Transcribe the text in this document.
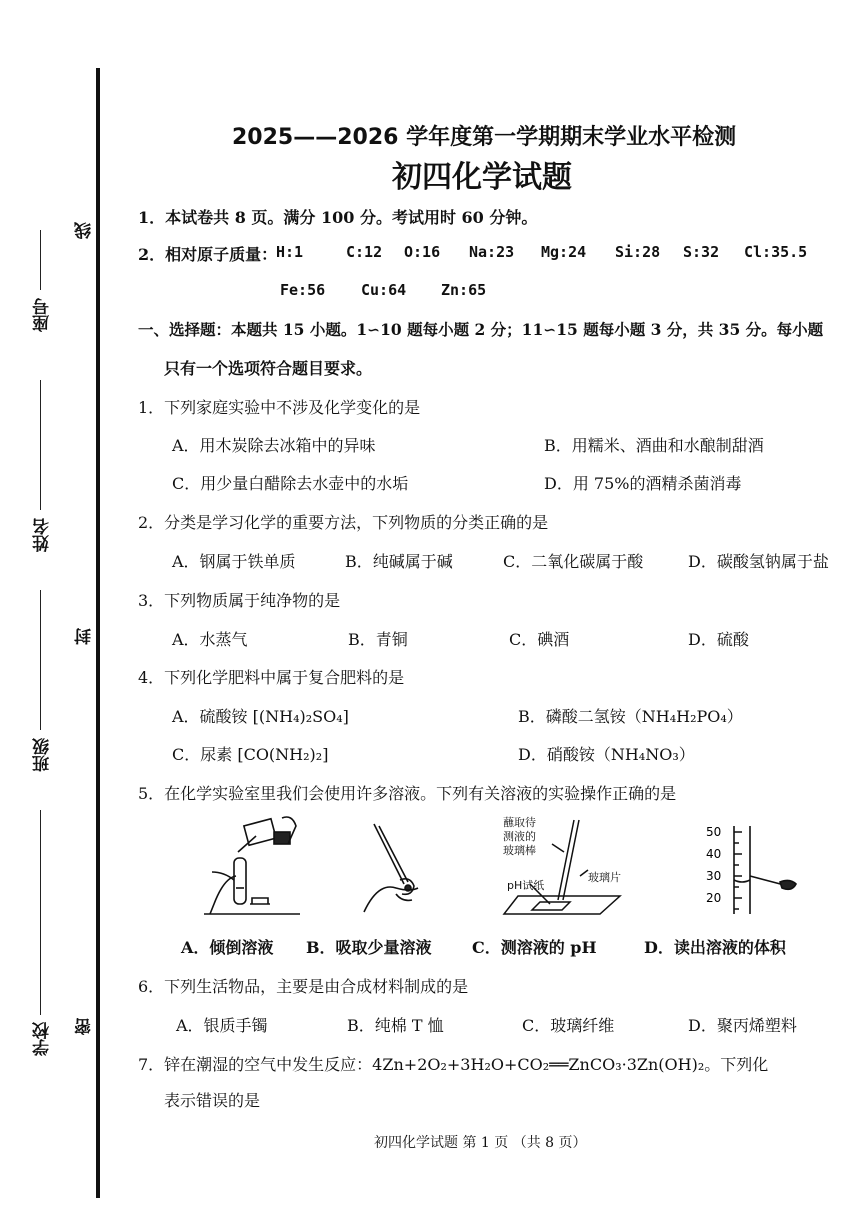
线
座号
姓名
封
班级
学校 密
2025——2026 学年度第一学期期末学业水平检测
初四化学试题
1．本试卷共 8 页。满分 100 分。考试用时 60 分钟。
2．相对原子质量：
H:1	C:12 O:16 Na:23 Mg:24 Si:28 S:32 Cl:35.5
Fe:56 Cu:64 Zn:65
一、选择题：本题共 15 小题。1∽10 题每小题 2 分；11∽15 题每小题 3 分，共 35 分。每小题
只有一个选项符合题目要求。
1．下列家庭实验中不涉及化学变化的是
A．用木炭除去冰箱中的异味	B．用糯米、酒曲和水酿制甜酒
C．用少量白醋除去水壶中的水垢	D．用 75%的酒精杀菌消毒
2．分类是学习化学的重要方法，下列物质的分类正确的是
A．钢属于铁单质	B．纯碱属于碱	C．二氧化碳属于酸	D．碳酸氢钠属于盐
3．下列物质属于纯净物的是
A．水蒸气	B．青铜	C．碘酒	D．硫酸
4．下列化学肥料中属于复合肥料的是
A．硫酸铵 [(NH₄)₂SO₄]	B．磷酸二氢铵（NH₄H₂PO₄）
C．尿素 [CO(NH₂)₂]	D．硝酸铵（NH₄NO₃）
5．在化学实验室里我们会使用许多溶液。下列有关溶液的实验操作正确的是
蘸取待
测液的
玻璃棒
pH试纸
玻璃片
50
40
30
20
A．倾倒溶液 B．吸取少量溶液	C．测溶液的 pH	D．读出溶液的体积
6．下列生活物品，主要是由合成材料制成的是
A．银质手镯	B．纯棉 T 恤	C．玻璃纤维	D．聚丙烯塑料
7．锌在潮湿的空气中发生反应：4Zn+2O₂+3H₂O+CO₂══ZnCO₃·3Zn(OH)₂。下列化
表示错误的是
初四化学试题 第 1 页 （共 8 页）
